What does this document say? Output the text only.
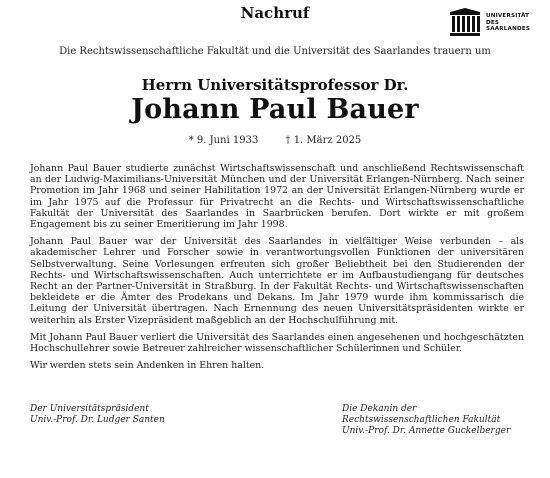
Nachruf	UNIVERSITÄT
DES
SAARLANDES
Die Rechtswissenschaftliche Fakultät und die Universität des Saarlandes trauern um
Herrn Universitätsprofessor Dr.
Johann Paul Bauer
* 9. Juni 1933	† 1. März 2025

Johann Paul Bauer studierte zunächst Wirtschaftswissenschaft und anschließend Rechtswissenschaft an der Ludwig-Maximilians-Universität München und der Universität Erlangen-Nürnberg. Nach seiner Promotion im Jahr 1968 und seiner Habilitation 1972 an der Universität Erlangen-Nürnberg wurde er im Jahr 1975 auf die Professur für Privatrecht an die Rechts- und Wirtschaftswissenschaftliche Fakultät der Universität des Saarlandes in Saarbrücken berufen. Dort wirkte er mit großem Engagement bis zu seiner Emeritierung im Jahr 1998.

Johann Paul Bauer war der Universität des Saarlandes in vielfältiger Weise verbunden – als akademischer Lehrer und Forscher sowie in verantwortungsvollen Funktionen der universitären Selbstverwaltung. Seine Vorlesungen erfreuten sich großer Beliebtheit bei den Studierenden der Rechts- und Wirtschaftswissenschaften. Auch unterrichtete er im Aufbaustudiengang für deutsches Recht an der Partner-Universität in Straßburg. In der Fakultät Rechts- und Wirtschaftswissenschaften bekleidete er die Ämter des Prodekans und Dekans. Im Jahr 1979 wurde ihm kommissarisch die Leitung der Universität übertragen. Nach Ernennung des neuen Universitätspräsidenten wirkte er weiterhin als Erster Vizepräsident maßgeblich an der Hochschulführung mit.

Mit Johann Paul Bauer verliert die Universität des Saarlandes einen angesehenen und hochgeschätzten Hochschullehrer sowie Betreuer zahlreicher wissenschaftlicher Schülerinnen und Schüler.

Wir werden stets sein Andenken in Ehren halten.

Der Universitätspräsident
Univ.-Prof. Dr. Ludger Santen
Die Dekanin der
Rechtswissenschaftlichen Fakultät
Univ.-Prof. Dr. Annette Guckelberger
